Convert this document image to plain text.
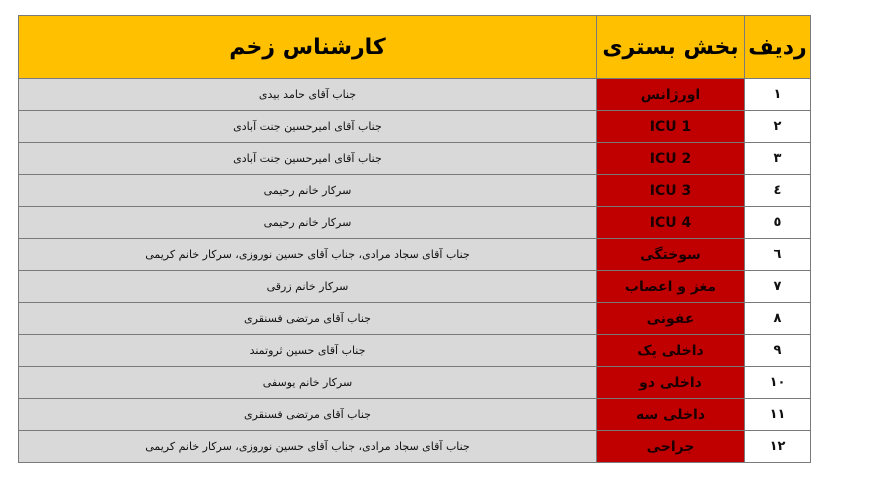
ردیف	بخش بستری	کارشناس زخم
۱	اورژانس	جناب آقای حامد بیدی
۲	ICU 1	جناب آقای امیرحسین جنت آبادی
۳	ICU 2	جناب آقای امیرحسین جنت آبادی
٤	ICU 3	سرکار خانم رحیمی
٥	ICU 4	سرکار خانم رحیمی
٦	سوختگی	جناب آقای سجاد مرادی، جناب آقای حسین نوروزی، سرکار خانم کریمی
۷	مغز و اعصاب	سرکار خانم زرقی
۸	عفونی	جناب آقای مرتضی فسنقری
۹	داخلی یک	جناب آقای حسین ثروتمند
۱۰	داخلی دو	سرکار خانم یوسفی
۱۱	داخلی سه	جناب آقای مرتضی فسنقری
۱۲	جراحی	جناب آقای سجاد مرادی، جناب آقای حسین نوروزی، سرکار خانم کریمی
